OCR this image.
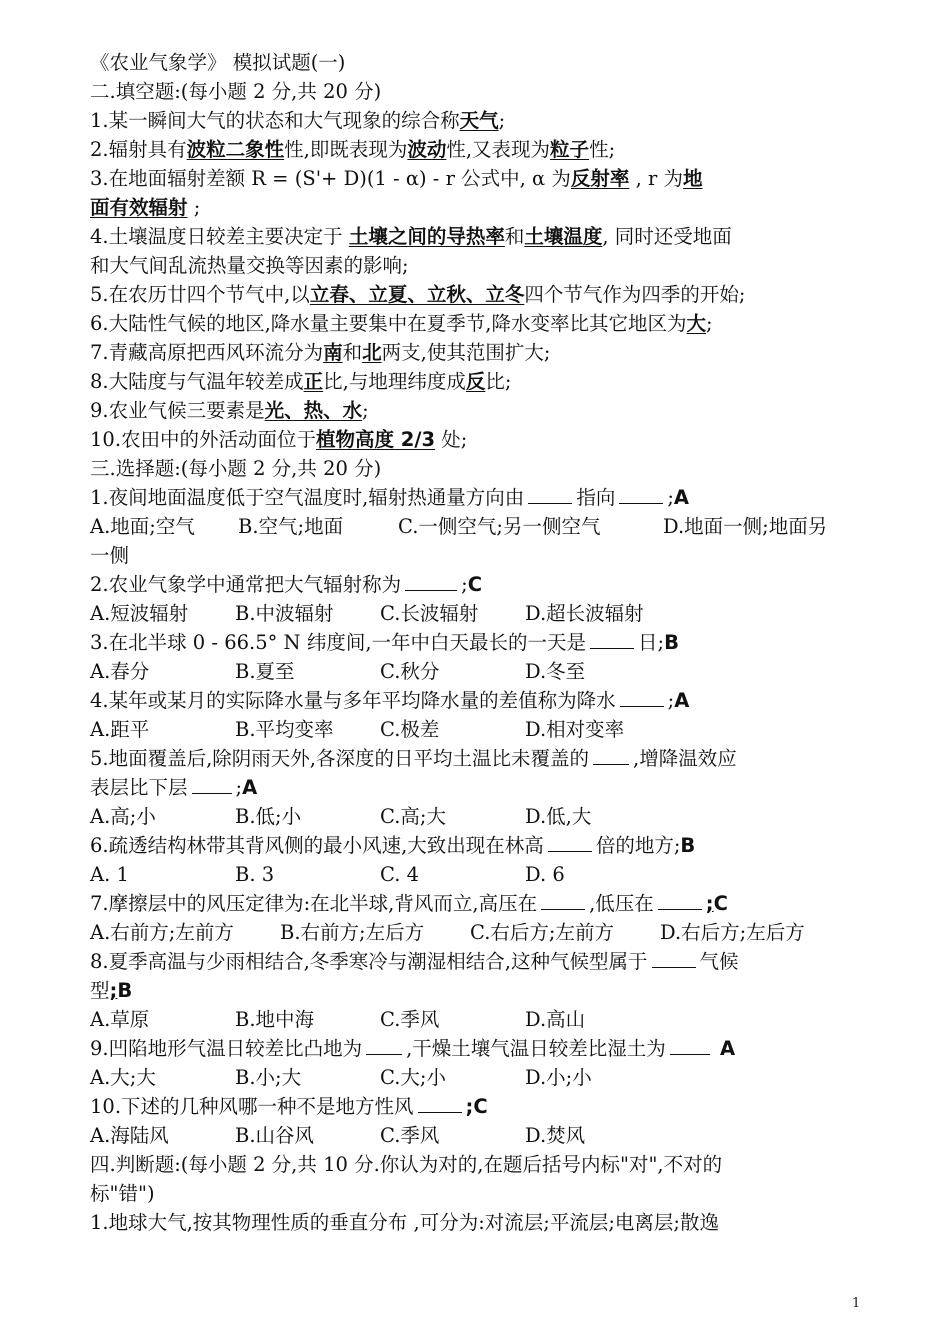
《农业气象学》 模拟试题(一)
二.填空题:(每小题 2 分,共 20 分)
1.某一瞬间大气的状态和大气现象的综合称天气;
2.辐射具有波粒二象性性,即既表现为波动性,又表现为粒子性;
3.在地面辐射差额 R = (S'+ D)(1 - α) - r 公式中, α 为反射率 , r 为地
面有效辐射 ;
4.土壤温度日较差主要决定于 土壤之间的导热率和土壤温度, 同时还受地面
和大气间乱流热量交换等因素的影响;
5.在农历廿四个节气中,以立春、立夏、立秋、立冬四个节气作为四季的开始;
6.大陆性气候的地区,降水量主要集中在夏季节,降水变率比其它地区为大;
7.青藏高原把西风环流分为南和北两支,使其范围扩大;
8.大陆度与气温年较差成正比,与地理纬度成反比;
9.农业气候三要素是光、热、水;
10.农田中的外活动面位于植物高度 2/3 处;
三.选择题:(每小题 2 分,共 20 分)
1.夜间地面温度低于空气温度时,辐射热通量方向由	指向	;A
A.地面;空气 B.空气;地面	C.一侧空气;另一侧空气	D.地面一侧;地面另
一侧
2.农业气象学中通常把大气辐射称为	;C
A.短波辐射 B.中波辐射 C.长波辐射 D.超长波辐射
3.在北半球 0 - 66.5° N 纬度间,一年中白天最长的一天是	日;B
A.春分	B.夏至	C.秋分	D.冬至
4.某年或某月的实际降水量与多年平均降水量的差值称为降水	;A
A.距平	B.平均变率 C.极差	D.相对变率
5.地面覆盖后,除阴雨天外,各深度的日平均土温比未覆盖的 ,增降温效应
表层比下层 ;A
A.高;小	B.低;小	C.高;大	D.低,大
6.疏透结构林带其背风侧的最小风速,大致出现在林高	倍的地方;B
A. 1	B. 3	C. 4	D. 6
7.摩擦层中的风压定律为:在北半球,背风而立,高压在	,低压在	;C
A.右前方;左前方 B.右前方;左后方 C.右后方;左前方 D.右后方;左后方
8.夏季高温与少雨相结合,冬季寒冷与潮湿相结合,这种气候型属于	气候
型;B
A.草原	B.地中海	C.季风	D.高山
9.凹陷地形气温日较差比凸地为 ,干燥土壤气温日较差比湿土为	A
A.大;大	B.小;大	C.大;小	D.小;小
10.下述的几种风哪一种不是地方性风	;C
A.海陆风	B.山谷风	C.季风	D.焚风
四.判断题:(每小题 2 分,共 10 分.你认为对的,在题后括号内标"对",不对的
标"错")
1.地球大气,按其物理性质的垂直分布 ,可分为:对流层;平流层;电离层;散逸
1
